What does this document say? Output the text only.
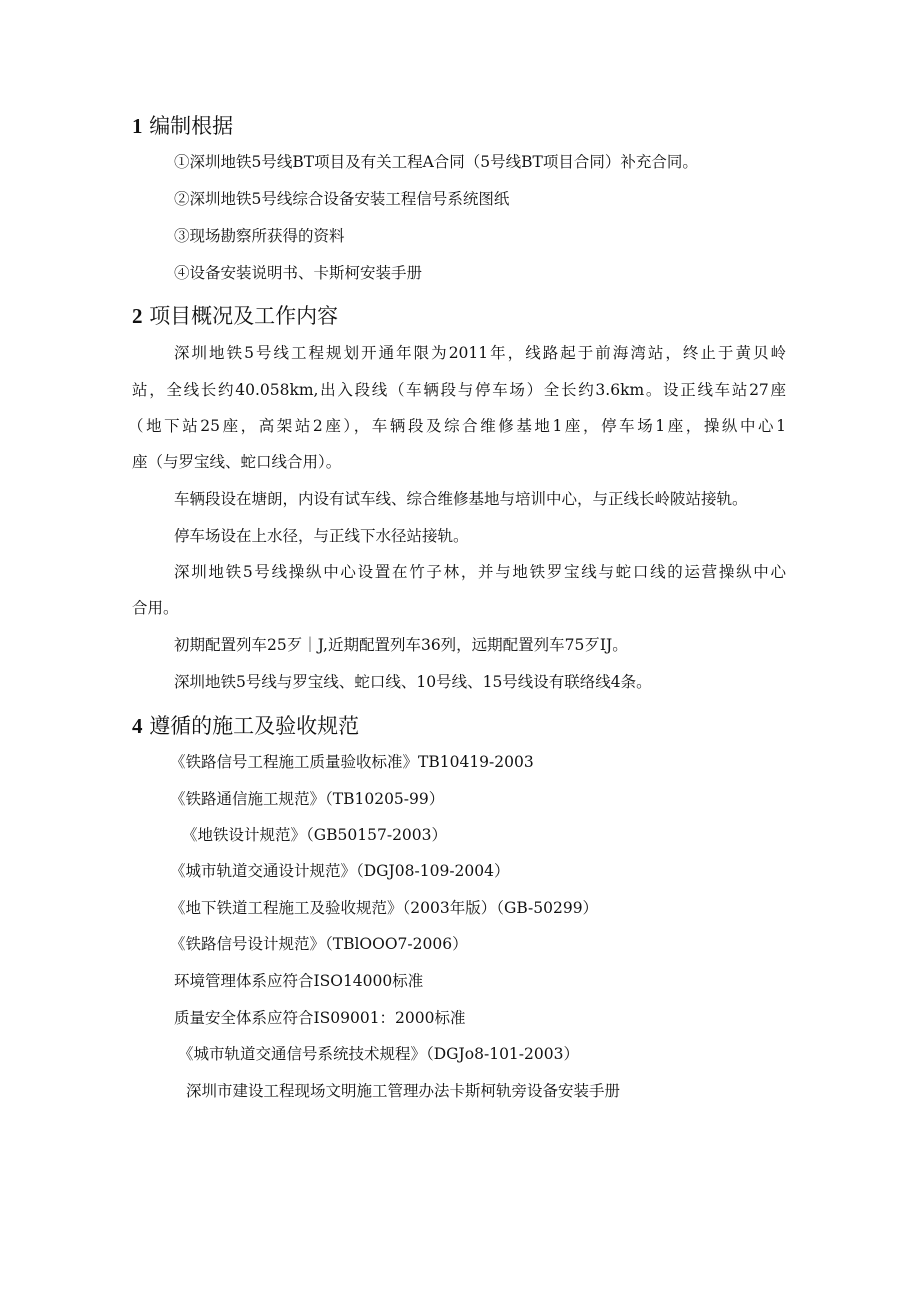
1 编制根据
①深圳地铁5号线BT项目及有关工程A合同（5号线BT项目合同）补充合同。
②深圳地铁5号线综合设备安装工程信号系统图纸
③现场勘察所获得的资料
④设备安装说明书、卡斯柯安装手册
2 项目概况及工作内容
深圳地铁5号线工程规划开通年限为2011年，线路起于前海湾站，终止于黄贝岭
站，全线长约40.058km,出入段线（车辆段与停车场）全长约3.6km。设正线车站27座
（地下站25座，高架站2座），车辆段及综合维修基地1座，停车场1座，操纵中心1
座（与罗宝线、蛇口线合用）。
车辆段设在塘朗，内设有试车线、综合维修基地与培训中心，与正线长岭陂站接轨。
停车场设在上水径，与正线下水径站接轨。
深圳地铁5号线操纵中心设置在竹子林，并与地铁罗宝线与蛇口线的运营操纵中心
合用。
初期配置列车25歹｜J,近期配置列车36列，远期配置列车75歹IJ。
深圳地铁5号线与罗宝线、蛇口线、10号线、15号线设有联络线4条。
4 遵循的施工及验收规范
《铁路信号工程施工质量验收标准》TB10419-2003
《铁路通信施工规范》（TB10205-99）
《地铁设计规范》（GB50157-2003）
《城市轨道交通设计规范》（DGJ08-109-2004）
《地下铁道工程施工及验收规范》（2003年版）（GB-50299）
《铁路信号设计规范》（TBlOOO7-2006）
环境管理体系应符合ISO14000标准
质量安全体系应符合IS09001：2000标准
《城市轨道交通信号系统技术规程》（DGJo8-101-2003）
深圳市建设工程现场文明施工管理办法卡斯柯轨旁设备安装手册
